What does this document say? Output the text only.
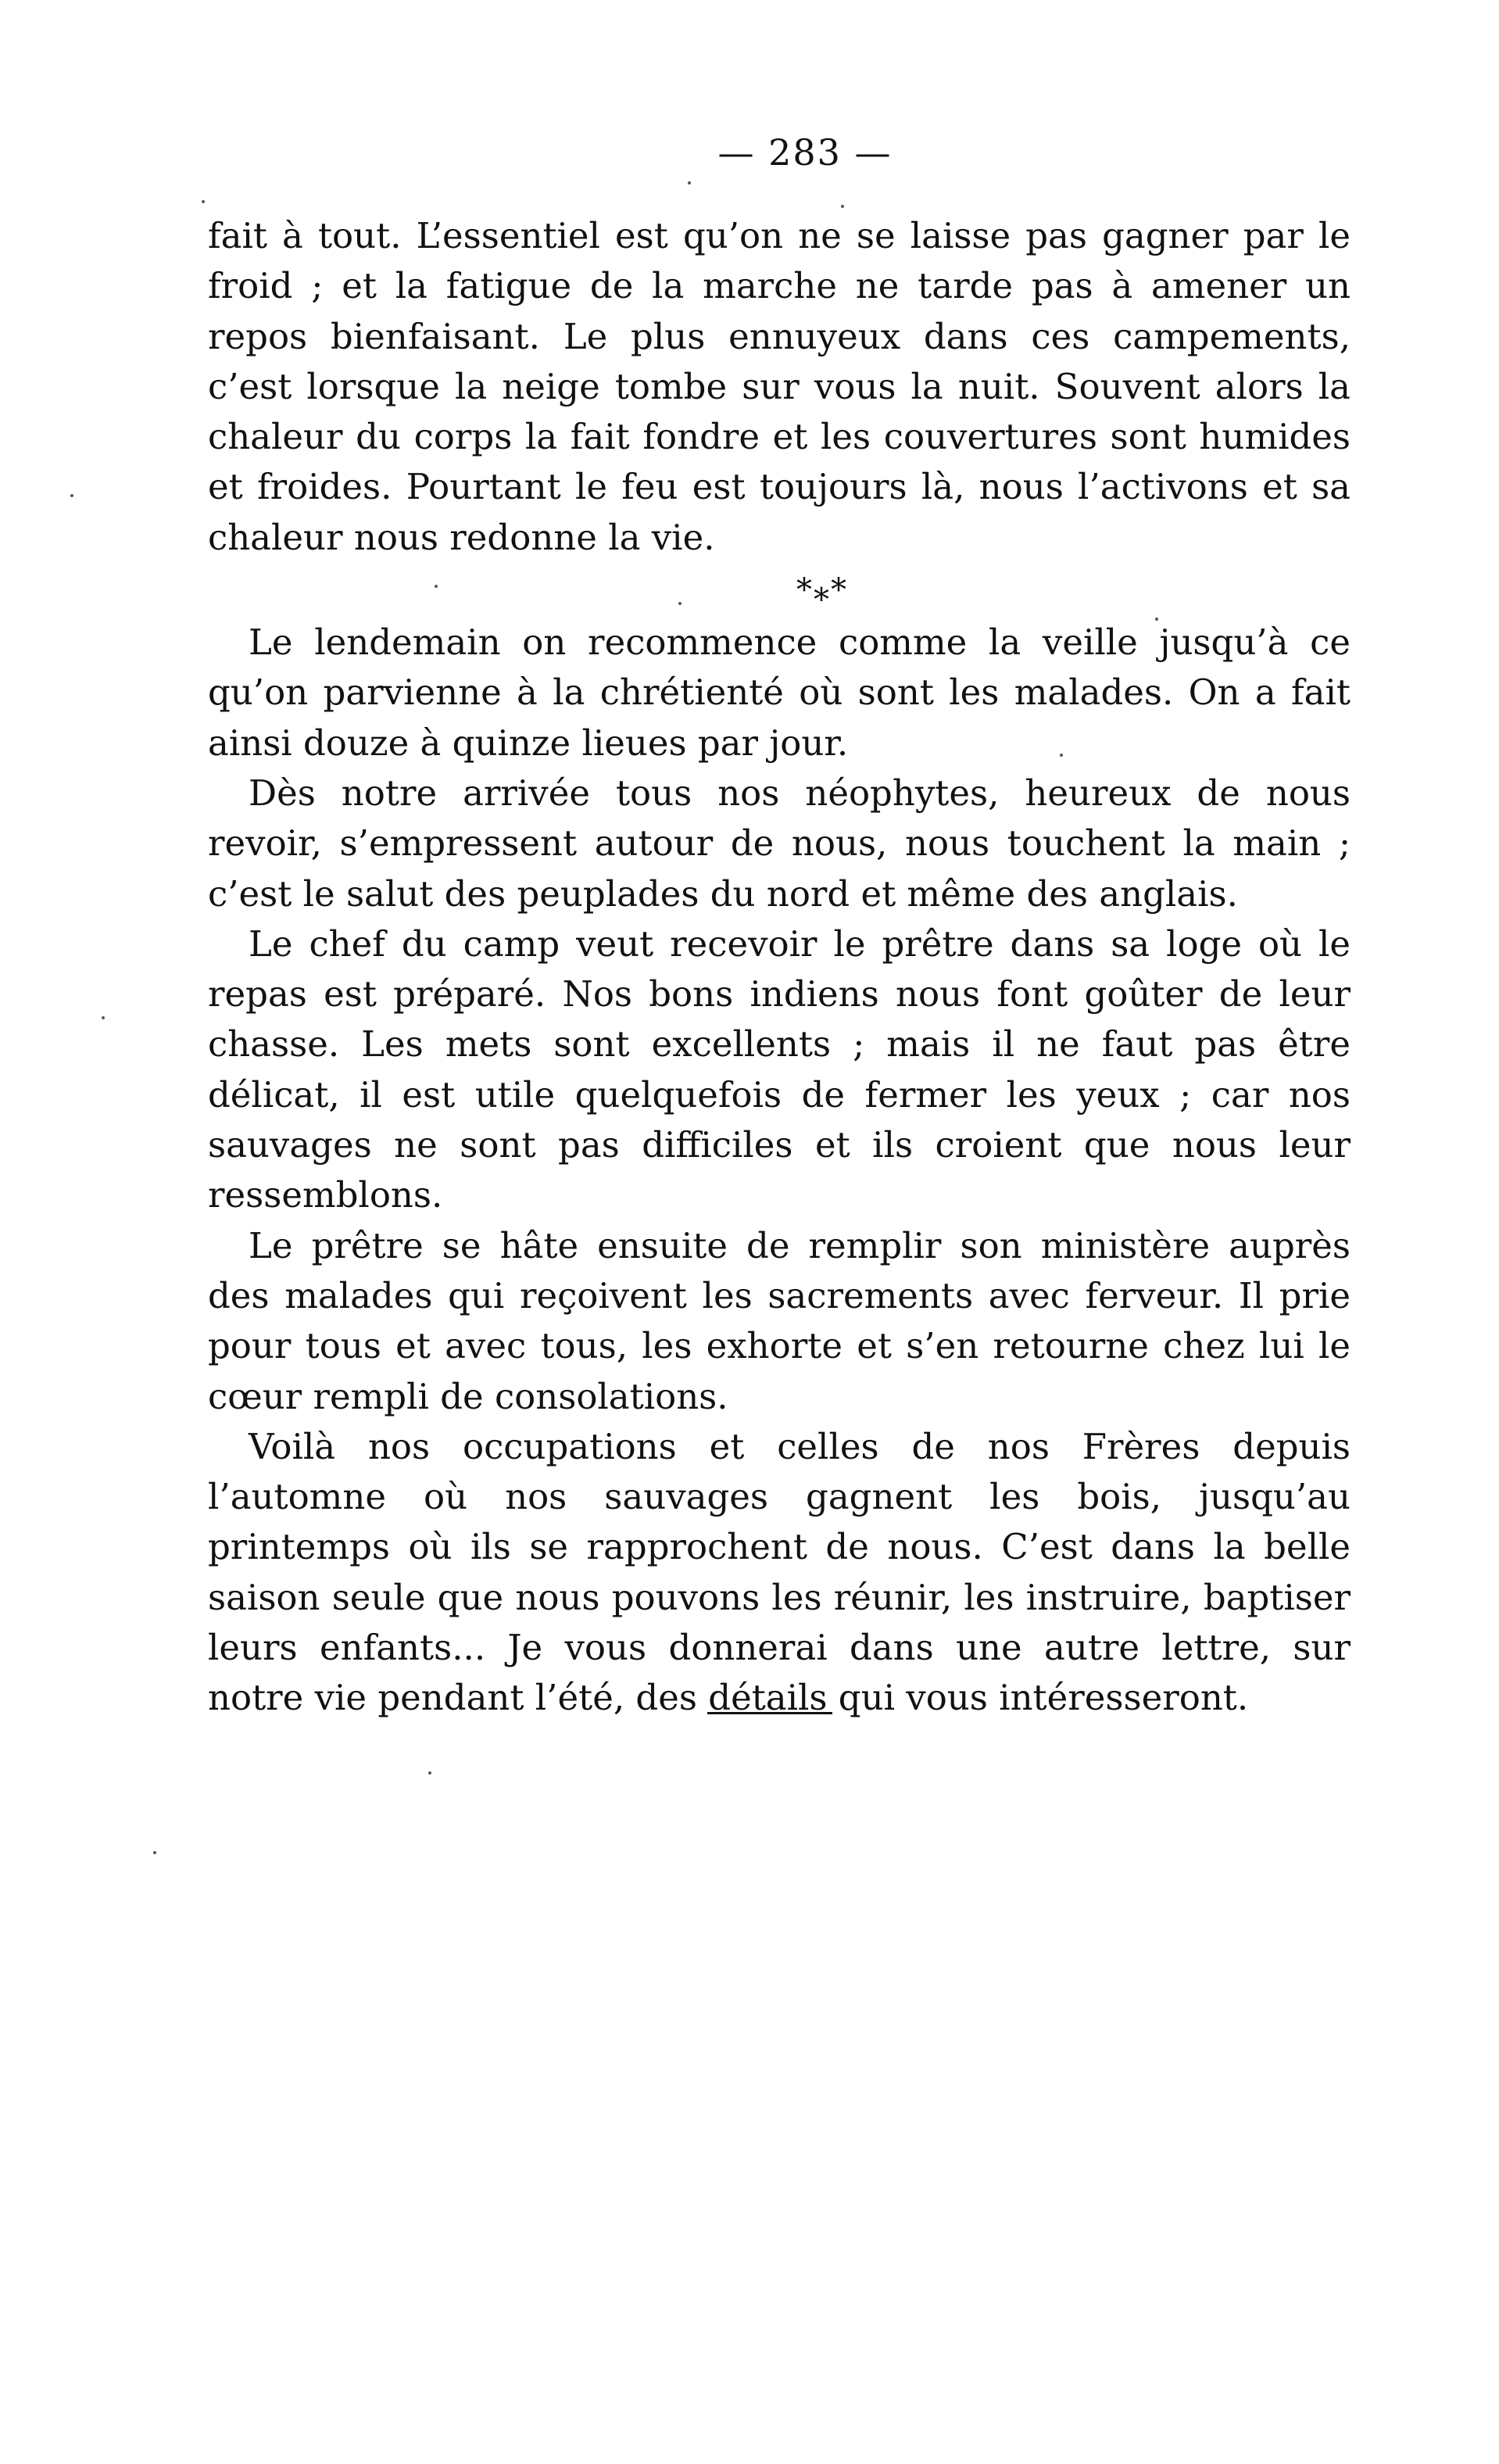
— 283 —

fait à tout. L’essentiel est qu’on ne se laisse pas gagner par le froid ; et la fatigue de la marche ne tarde pas à amener un repos bienfaisant. Le plus ennuyeux dans ces campements, c’est lorsque la neige tombe sur vous la nuit. Souvent alors la chaleur du corps la fait fondre et les couvertures sont humides et froides. Pourtant le feu est toujours là, nous l’activons et sa chaleur nous redonne la vie.

*⁎*

Le lendemain on recommence comme la veille jusqu’à ce qu’on parvienne à la chrétienté où sont les malades. On a fait ainsi douze à quinze lieues par jour.

Dès notre arrivée tous nos néophytes, heureux de nous revoir, s’empressent autour de nous, nous touchent la main ; c’est le salut des peuplades du nord et même des anglais.

Le chef du camp veut recevoir le prêtre dans sa loge où le repas est préparé. Nos bons indiens nous font goûter de leur chasse. Les mets sont excellents ; mais il ne faut pas être délicat, il est utile quelquefois de fermer les yeux ; car nos sauvages ne sont pas difficiles et ils croient que nous leur ressemblons.

Le prêtre se hâte ensuite de remplir son ministère auprès des malades qui reçoivent les sacrements avec ferveur. Il prie pour tous et avec tous, les exhorte et s’en retourne chez lui le cœur rempli de consolations.

Voilà nos occupations et celles de nos Frères depuis l’automne où nos sauvages gagnent les bois, jusqu’au printemps où ils se rapprochent de nous. C’est dans la belle saison seule que nous pouvons les réunir, les instruire, baptiser leurs enfants... Je vous donnerai dans une autre lettre, sur notre vie pendant l’été, des détails qui vous intéresseront.
